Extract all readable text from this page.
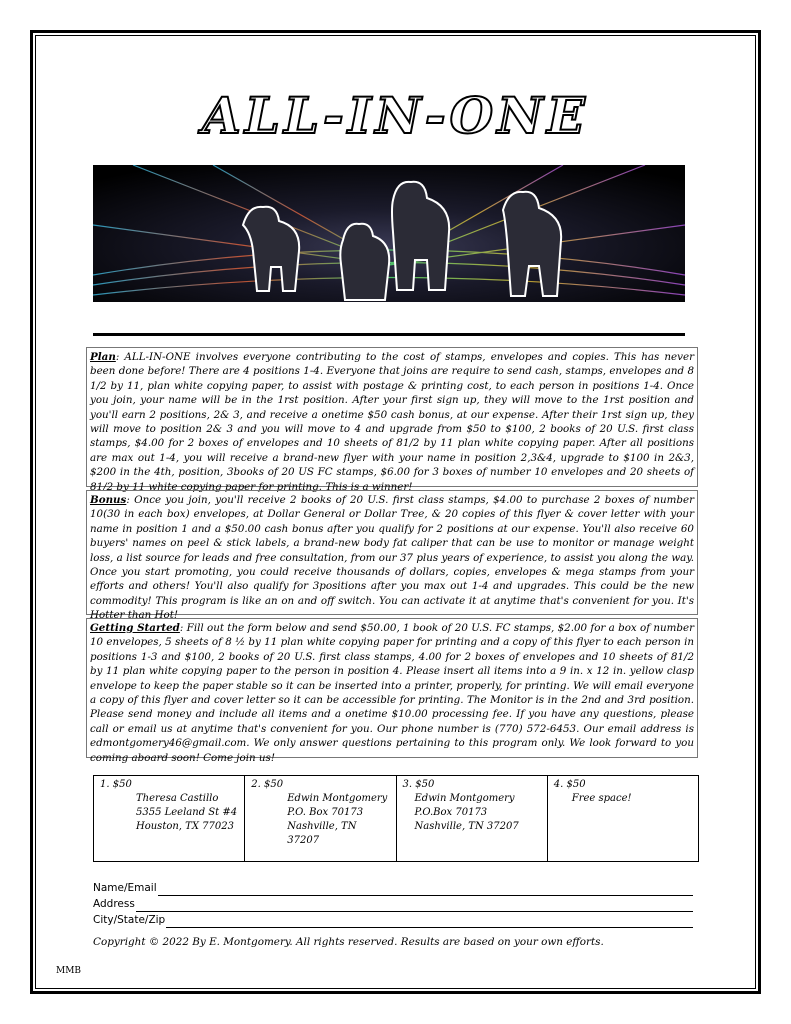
ALL-IN-ONE
Plan: ALL-IN-ONE involves everyone contributing to the cost of stamps, envelopes and copies. This has never been done before! There are 4 positions 1-4. Everyone that joins are require to send cash, stamps, envelopes and 8 1/2 by 11, plan white copying paper, to assist with postage & printing cost, to each person in positions 1-4. Once you join, your name will be in the 1rst position. After your first sign up, they will move to the 1rst position and you'll earn 2 positions, 2& 3, and receive a onetime $50 cash bonus, at our expense. After their 1rst sign up, they will move to position 2& 3 and you will move to 4 and upgrade from $50 to $100, 2 books of 20 U.S. first class stamps, $4.00 for 2 boxes of envelopes and 10 sheets of 81/2 by 11 plan white copying paper. After all positions are max out 1-4, you will receive a brand-new flyer with your name in position 2,3&4, upgrade to $100 in 2&3, $200 in the 4th, position, 3books of 20 US FC stamps, $6.00 for 3 boxes of number 10 envelopes and 20 sheets of 81/2 by 11 white copying paper for printing. This is a winner!
Bonus: Once you join, you'll receive 2 books of 20 U.S. first class stamps, $4.00 to purchase 2 boxes of number 10(30 in each box) envelopes, at Dollar General or Dollar Tree, & 20 copies of this flyer & cover letter with your name in position 1 and a $50.00 cash bonus after you qualify for 2 positions at our expense. You'll also receive 60 buyers' names on peel & stick labels, a brand-new body fat caliper that can be use to monitor or manage weight loss, a list source for leads and free consultation, from our 37 plus years of experience, to assist you along the way. Once you start promoting, you could receive thousands of dollars, copies, envelopes & mega stamps from your efforts and others! You'll also qualify for 3positions after you max out 1-4 and upgrades. This could be the new commodity! This program is like an on and off switch. You can activate it at anytime that's convenient for you. It's Hotter than Hot!
Getting Started: Fill out the form below and send $50.00, 1 book of 20 U.S. FC stamps, $2.00 for a box of number 10 envelopes, 5 sheets of 8 ½ by 11 plan white copying paper for printing and a copy of this flyer to each person in positions 1-3 and $100, 2 books of 20 U.S. first class stamps, 4.00 for 2 boxes of envelopes and 10 sheets of 81/2 by 11 plan white copying paper to the person in position 4. Please insert all items into a 9 in. x 12 in. yellow clasp envelope to keep the paper stable so it can be inserted into a printer, properly, for printing. We will email everyone a copy of this flyer and cover letter so it can be accessible for printing. The Monitor is in the 2nd and 3rd position. Please send money and include all items and a onetime $10.00 processing fee. If you have any questions, please call or email us at anytime that's convenient for you. Our phone number is (770) 572-6453. Our email address is edmontgomery46@gmail.com. We only answer questions pertaining to this program only. We look forward to you coming aboard soon! Come join us!
1. $50
Theresa Castillo
5355 Leeland St #4
Houston, TX 77023
2. $50
Edwin Montgomery
P.O. Box 70173
Nashville, TN 37207
3. $50
Edwin Montgomery
P.O.Box 70173
Nashville, TN 37207
4. $50
Free space!
Name/Email
Address
City/State/Zip
Copyright © 2022 By E. Montgomery. All rights reserved. Results are based on your own efforts.
MMB
